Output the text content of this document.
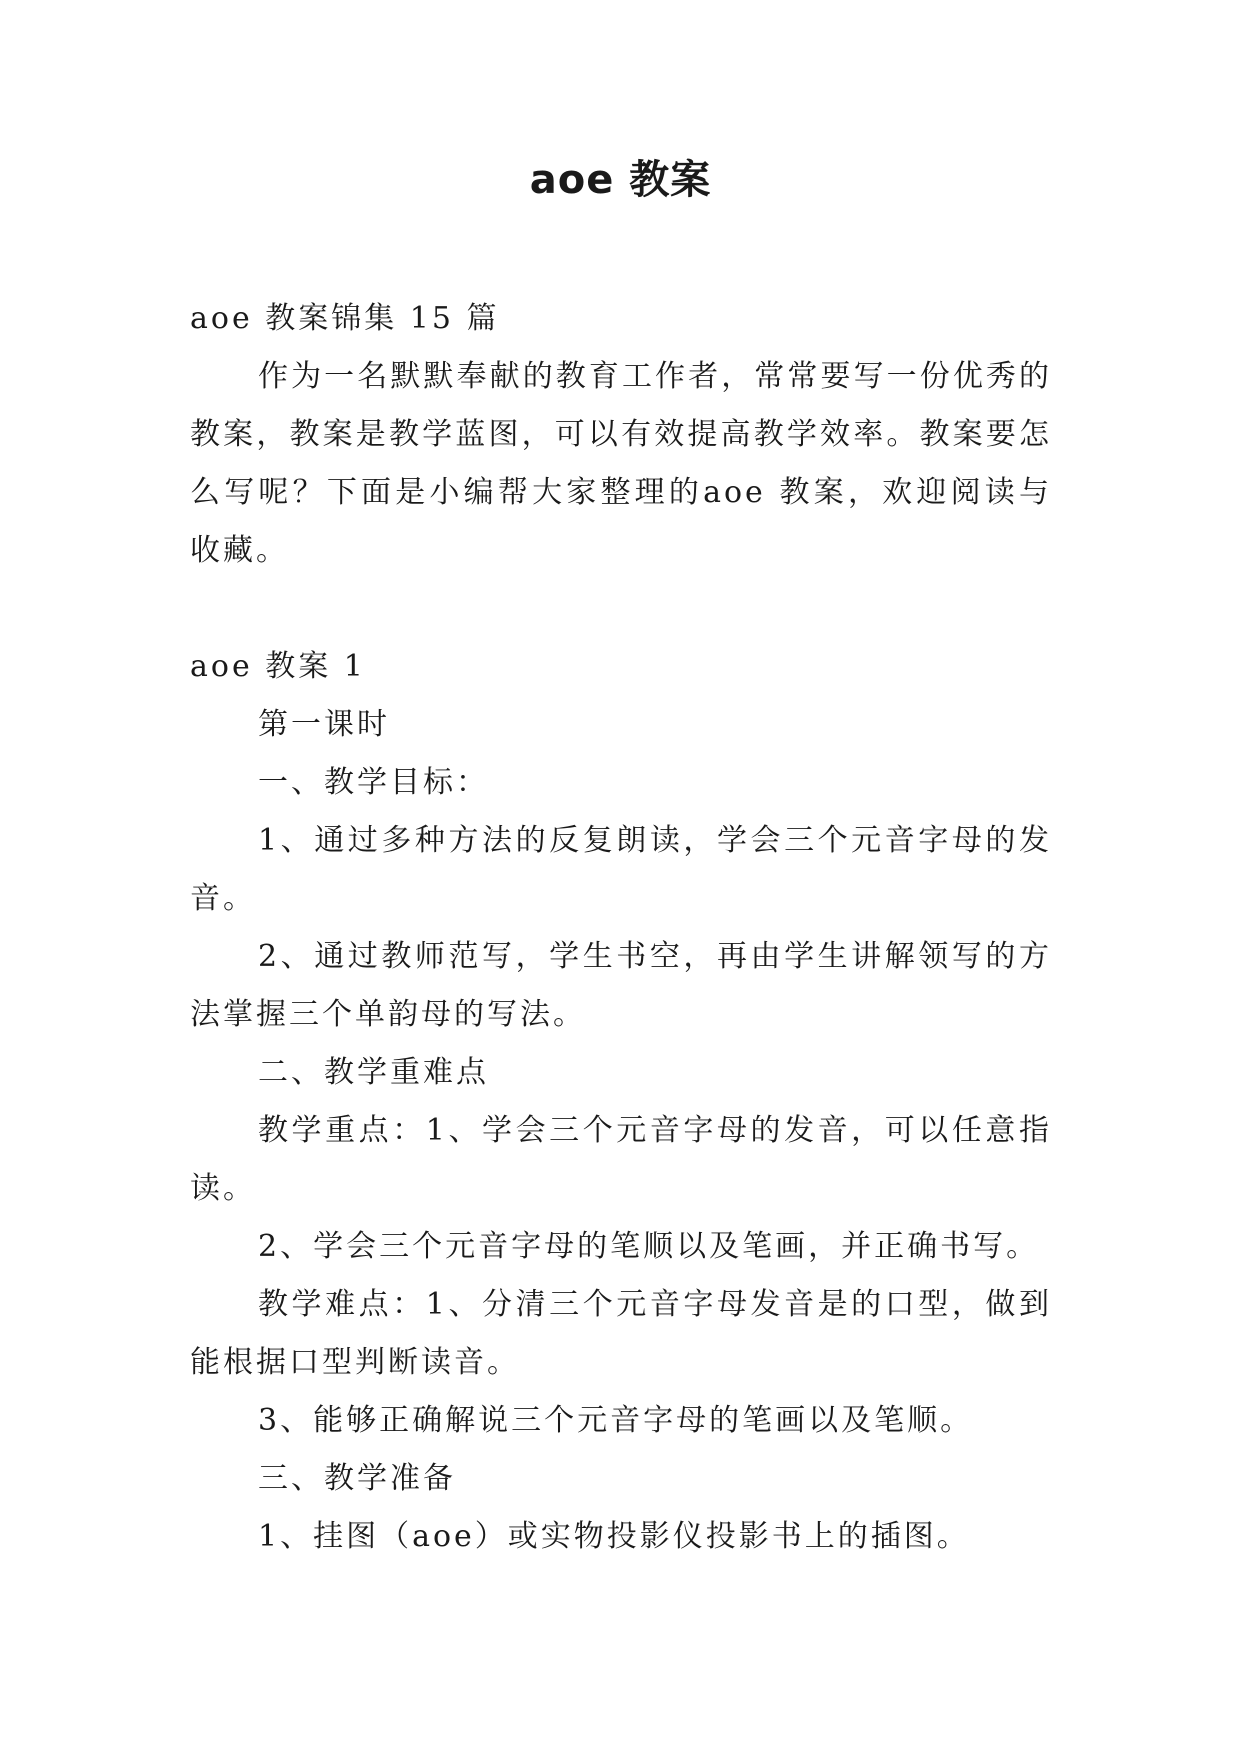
aoe 教案

aoe 教案锦集 15 篇

作为一名默默奉献的教育工作者，常常要写一份优秀的教案，教案是教学蓝图，可以有效提高教学效率。教案要怎么写呢？下面是小编帮大家整理的aoe 教案，欢迎阅读与收藏。

aoe 教案 1

第一课时

一、教学目标：

1、通过多种方法的反复朗读，学会三个元音字母的发音。

2、通过教师范写，学生书空，再由学生讲解领写的方法掌握三个单韵母的写法。

二、教学重难点

教学重点：1、学会三个元音字母的发音，可以任意指读。

2、学会三个元音字母的笔顺以及笔画，并正确书写。

教学难点：1、分清三个元音字母发音是的口型，做到能根据口型判断读音。

3、能够正确解说三个元音字母的笔画以及笔顺。

三、教学准备

1、挂图（aoe）或实物投影仪投影书上的插图。
